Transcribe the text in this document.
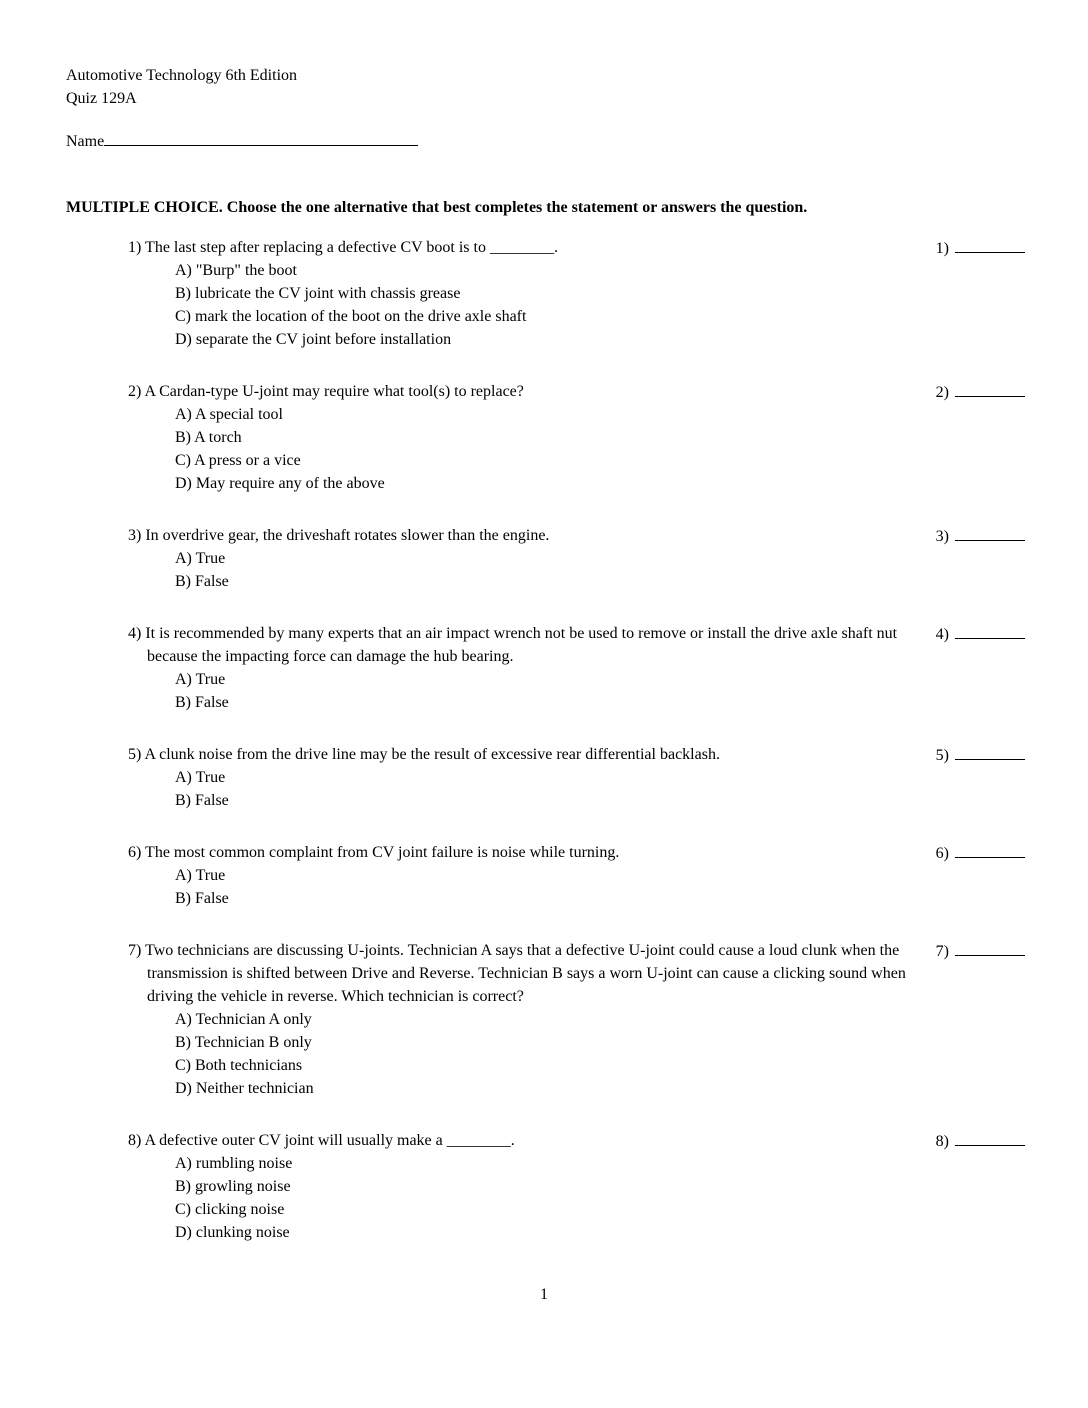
Automotive Technology 6th Edition
Quiz 129A
Name
MULTIPLE CHOICE. Choose the one alternative that best completes the statement or answers the question.
1) The last step after replacing a defective CV boot is to ________.
A) "Burp" the boot
B) lubricate the CV joint with chassis grease
C) mark the location of the boot on the drive axle shaft
D) separate the CV joint before installation
1)
2) A Cardan-type U-joint may require what tool(s) to replace?
A) A special tool
B) A torch
C) A press or a vice
D) May require any of the above
2)
3) In overdrive gear, the driveshaft rotates slower than the engine.
A) True
B) False
3)
4) It is recommended by many experts that an air impact wrench not be used to remove or install the drive axle shaft nut because the impacting force can damage the hub bearing.
A) True
B) False
4)
5) A clunk noise from the drive line may be the result of excessive rear differential backlash.
A) True
B) False
5)
6) The most common complaint from CV joint failure is noise while turning.
A) True
B) False
6)
7) Two technicians are discussing U-joints. Technician A says that a defective U-joint could cause a loud clunk when the transmission is shifted between Drive and Reverse. Technician B says a worn U-joint can cause a clicking sound when driving the vehicle in reverse. Which technician is correct?
A) Technician A only
B) Technician B only
C) Both technicians
D) Neither technician
7)
8) A defective outer CV joint will usually make a ________.
A) rumbling noise
B) growling noise
C) clicking noise
D) clunking noise
8)
1
